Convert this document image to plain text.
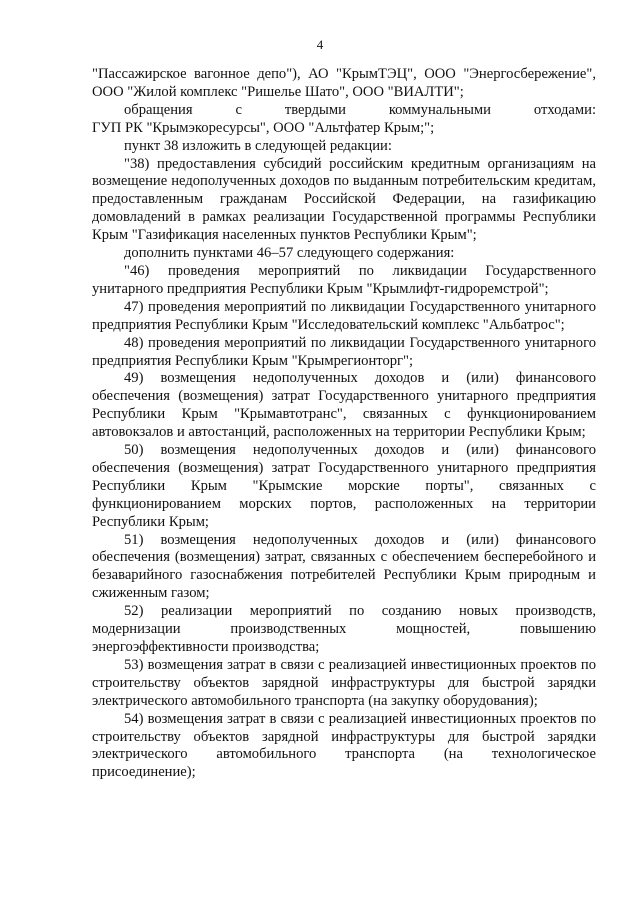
4

"Пассажирское вагонное депо"), АО "КрымТЭЦ", ООО "Энергосбережение",
ООО "Жилой комплекс "Ришелье Шато", ООО "ВИАЛТИ";

обращения с твердыми коммунальными отходами:
ГУП РК "Крымэкоресурсы", ООО "Альтфатер Крым;";

пункт 38 изложить в следующей редакции:

"38) предоставления субсидий российским кредитным организациям на возмещение недополученных доходов по выданным потребительским кредитам, предоставленным гражданам Российской Федерации, на газификацию домовладений в рамках реализации Государственной программы Республики Крым "Газификация населенных пунктов Республики Крым";

дополнить пунктами 46–57 следующего содержания:

"46) проведения мероприятий по ликвидации Государственного унитарного предприятия Республики Крым "Крымлифт-гидроремстрой";

47) проведения мероприятий по ликвидации Государственного унитарного предприятия Республики Крым "Исследовательский комплекс "Альбатрос";

48) проведения мероприятий по ликвидации Государственного унитарного предприятия Республики Крым "Крымрегионторг";

49) возмещения недополученных доходов и (или) финансового обеспечения (возмещения) затрат Государственного унитарного предприятия Республики Крым "Крымавтотранс", связанных с функционированием автовокзалов и автостанций, расположенных на территории Республики Крым;

50) возмещения недополученных доходов и (или) финансового обеспечения (возмещения) затрат Государственного унитарного предприятия Республики Крым "Крымские морские порты", связанных с функционированием морских портов, расположенных на территории Республики Крым;

51) возмещения недополученных доходов и (или) финансового обеспечения (возмещения) затрат, связанных с обеспечением бесперебойного и безаварийного газоснабжения потребителей Республики Крым природным и сжиженным газом;

52) реализации мероприятий по созданию новых производств, модернизации производственных мощностей, повышению энергоэффективности производства;

53) возмещения затрат в связи с реализацией инвестиционных проектов по строительству объектов зарядной инфраструктуры для быстрой зарядки электрического автомобильного транспорта (на закупку оборудования);

54) возмещения затрат в связи с реализацией инвестиционных проектов по строительству объектов зарядной инфраструктуры для быстрой зарядки электрического автомобильного транспорта (на технологическое присоединение);
